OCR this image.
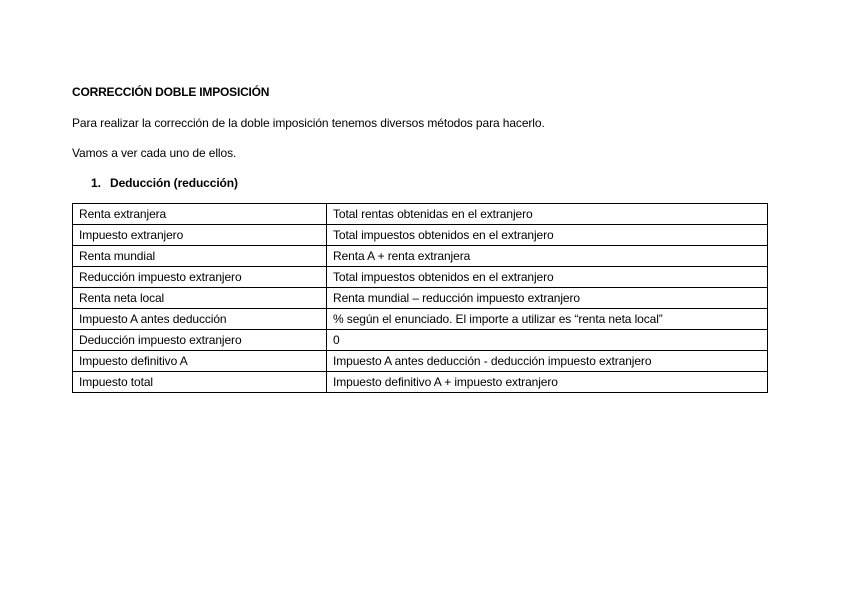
CORRECCIÓN DOBLE IMPOSICIÓN
Para realizar la corrección de la doble imposición tenemos diversos métodos para hacerlo.
Vamos a ver cada uno de ellos.
1. Deducción (reducción)
Renta extranjera	Total rentas obtenidas en el extranjero
Impuesto extranjero	Total impuestos obtenidos en el extranjero
Renta mundial	Renta A + renta extranjera
Reducción impuesto extranjero	Total impuestos obtenidos en el extranjero
Renta neta local	Renta mundial – reducción impuesto extranjero
Impuesto A antes deducción	% según el enunciado. El importe a utilizar es “renta neta local”
Deducción impuesto extranjero	0
Impuesto definitivo A	Impuesto A antes deducción - deducción impuesto extranjero
Impuesto total	Impuesto definitivo A + impuesto extranjero
